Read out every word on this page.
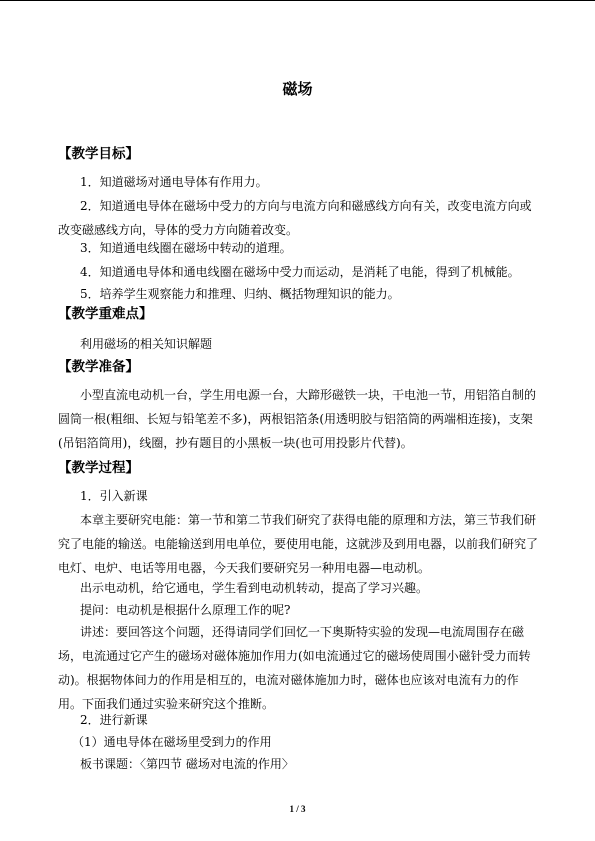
磁场
【教学目标】
1．知道磁场对通电导体有作用力。
2．知道通电导体在磁场中受力的方向与电流方向和磁感线方向有关，改变电流方向或改变磁感线方向，导体的受力方向随着改变。
3．知道通电线圈在磁场中转动的道理。
4．知道通电导体和通电线圈在磁场中受力而运动，是消耗了电能，得到了机械能。
5．培养学生观察能力和推理、归纳、概括物理知识的能力。
【教学重难点】
利用磁场的相关知识解题
【教学准备】
小型直流电动机一台，学生用电源一台，大蹄形磁铁一块，干电池一节，用铝箔自制的圆筒一根(粗细、长短与铅笔差不多)，两根铝箔条(用透明胶与铝箔筒的两端相连接)，支架(吊铝箔筒用)，线圈，抄有题目的小黑板一块(也可用投影片代替)。
【教学过程】
1．引入新课
本章主要研究电能：第一节和第二节我们研究了获得电能的原理和方法，第三节我们研究了电能的输送。电能输送到用电单位，要使用电能，这就涉及到用电器，以前我们研究了电灯、电炉、电话等用电器，今天我们要研究另一种用电器—电动机。
出示电动机，给它通电，学生看到电动机转动，提高了学习兴趣。
提问：电动机是根据什么原理工作的呢?
讲述：要回答这个问题，还得请同学们回忆一下奥斯特实验的发现—电流周围存在磁场，电流通过它产生的磁场对磁体施加作用力(如电流通过它的磁场使周围小磁针受力而转动)。根据物体间力的作用是相互的，电流对磁体施加力时，磁体也应该对电流有力的作用。下面我们通过实验来研究这个推断。
2．进行新课
（1）通电导体在磁场里受到力的作用
板书课题：〈第四节 磁场对电流的作用〉
1 / 3
